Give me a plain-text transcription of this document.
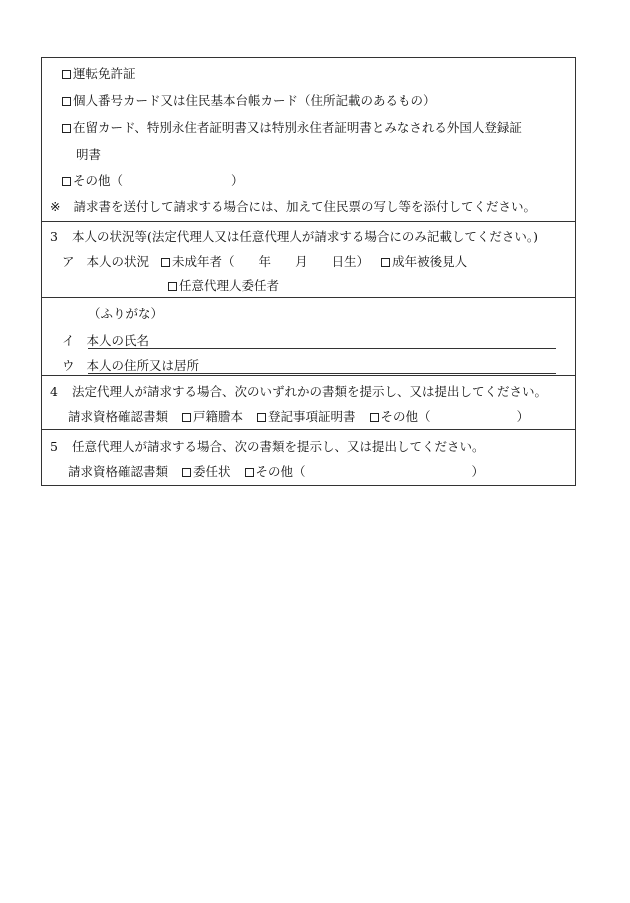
運転免許証
個人番号カード又は住民基本台帳カード（住所記載のあるもの）
在留カード、特別永住者証明書又は特別永住者証明書とみなされる外国人登録証
明書
その他（	）
※ 請求書を送付して請求する場合には、加えて住民票の写し等を添付してください。
3 本人の状況等(法定代理人又は任意代理人が請求する場合にのみ記載してください。)
ア 本人の状況 未成年者（ 年 月 日生） 成年被後見人
任意代理人委任者
（ふりがな）
イ 本人の氏名
ウ 本人の住所又は居所
4 法定代理人が請求する場合、次のいずれかの書類を提示し、又は提出してください。
請求資格確認書類 戸籍謄本 登記事項証明書 その他（	）
5 任意代理人が請求する場合、次の書類を提示し、又は提出してください。
請求資格確認書類 委任状 その他（	）
